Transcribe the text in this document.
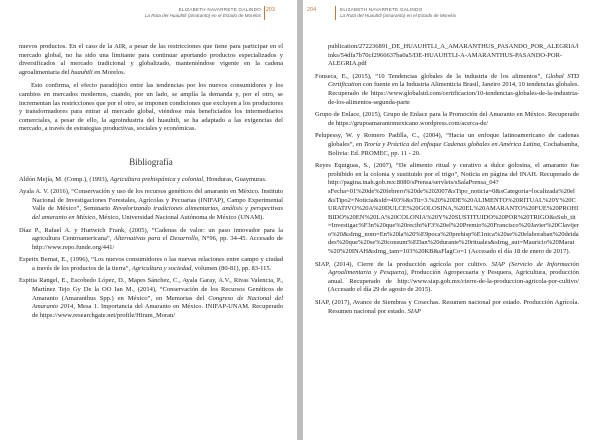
ELIZABETH NAVARRETE GALINDO
La Ruta del Huauhtli (amaranto) en el Estado de Morelos
203

nuevos productos. En el caso de la AIR, a pesar de las restricciones que tiene para participar en el mercado global, no ha sido una limitante para continuar aportando productos especializados y diversificados al mercado tradicional y globalizado, manteniéndose vigente en la cadena agroalimentaria del huauhtli en Morelos.

Esto confirma, el efecto paradójico entre las tendencias por los nuevos consumidores y los cambios en mercados modernos, cuando, por un lado, se amplía la demanda y, por el otro, se incrementan las restricciones que por el otro, se imponen condiciones que excluyen a los productores y transformadores para entrar al mercado global, viéndose más beneficiados los intermediarios comerciales, a pesar de ello, la agroindustria del huauhtli, se ha adaptado a las exigencias del mercado, a través de estrategias productivas, sociales y económicas.

Bibliografía

Aldón Mejía, M. (Comp.), (1993), Agricultura prehispánica y colonial, Honduras, Guaymuras.

Ayala A. V. (2016), “Conservación y uso de los recursos genéticos del amaranto en México. Instituto Nacional de Investigaciones Forestales, Agrícolas y Pecuarias (INIFAP), Campo Experimental Valle de México”, Seminario Revalorizando tradiciones alimentarias, análisis y perspectivas del amaranto en México, México, Universidad Nacional Autónoma de México (UNAM).

Díaz P., Rafael A. y Hurtwich Frank, (2005), “Cadenas de valor: un paso innovador para la agricultura Centroamericana”, Alternativas para el Desarrollo, N°96, pp. 34-45. Accesado de http://www.repo.funde.org/441/

Espeitx Bernat, E., (1996), “Los nuevos consumidores o las nuevas relaciones entre campo y ciudad a través de los productos de la tierra”, Agricultura y sociedad, volumen (80-81), pp. 83-115.

Espitia Rangel, E., Escobedo López, D., Mapes Sánchez, C., Ayala Garay, A.V., Rivas Valencia, P., Martínez Tejo Gy De la OO Ian M., (2014), “Conservación de los Recursos Genéticos de Amaranto (Amaranthus Spp.) en México”, en Memorias del Congreso de Nacional del Amaranto 2014, Mesa 1. Importancia del Amaranto en México. INIFAP-UNAM. Recuperado de https://www.researchgate.net/profile/Hiram_Moran/

204	ELIZABETH NAVARRETE GALINDO
La Ruta del Huauhtli (amaranto) en el Estado de Morelos

publication/272236891_DE_HUAUHTLI_A_AMARANTHUS_PASANDO_POR_ALEGRIA/links/54dfa7b70cf2966637ba0a5/DE-HUAUHTLI-A-AMARANTHUS-PASANDO-POR-ALEGRIA.pdf

Fonseca, E., (2015), “10 Tendencias globales de la industria de los alimentos”, Global STD Certification con fuente en la Industria Alimenticia Brasil, Janeiro 2014, 10 tendencias globales. Recuperado de https://www.globalstd.com/certificacion/10-tendencias-globales-de-la-industria-de-los-alimentos-segunda-parte

Grupo de Enlace, (2015), Grupo de Enlace para la Promoción del Amaranto en México. Recuperado de https://grupoamarantomexicano.wordpress.com/acerca-de/

Pelupessy, W. y Romero Padilla, C., (2004), “Hacia un enfoque latinoamericano de cadenas globales”, en Teoría y Práctica del enfoque Cadenas globales en América Latina, Cochabamba, Bolivia: Ed. PROMEC, pp. 11 - 20.

Reyes Equiguas, S., (2007), “De alimento ritual y curativo a dulce golosina, el amaranto fue prohibido en la colonia y sustituido por el trigo”, Noticia en página del INAH. Recuperado de http://pagina.inah.gob.mx:8080/sPrensa/servlets/sSalaPrensa_04?sFecha=01%20de%20febrero%20de%202007&sTipo_noticia=0&sCategoria=localizada%20el&sTipo2=Noticia&sId=493%&sTit=3.%20%20DE%20ALIMENTO%20RITUAL%20Y%20CURATIVO%20A%20DULCE%20GOLOSINA,%20EL%20AMARANTO%20FUE%20PROHIBIDO%20EN%20LA%20COLONIA%20Y%20SUSTITUIDO%20POR%20TRIGO&sSub_tit=Investigac%F3n%20que%20recibi%F3%20el%20Premio%20Francisco%20Javier%20Clavijero%20&sImg_nom=En%20la%20%E9poca%20prehisp%E1nica%20se%20elaboraban%20deidades%20que%20se%20consum%EDan%20durante%20rituales&sImg_aut=Mauricio%20Marat%20%20INAH&sImg_tam=103%20KB&sFlagCo=1 (Accesado el día 18 de enero de 2017).

SIAP, (2014), Cierre de la producción agrícola por cultivo. SIAP (Servicio de Información Agroalimentaria y Pesquera), Producción Agropecuaria y Pesquera, Agricultura, producción anual. Recuperado de http://www.siap.gob.mx/cierre-de-la-produccion-agricola-por-cultivo/ (Accesado el día 29 de agosto de 2015).

SIAP, (2017), Avance de Siembras y Cosechas. Resumen nacional por estado. Producción Agrícola. Resumen nacional por estado. SIAP
